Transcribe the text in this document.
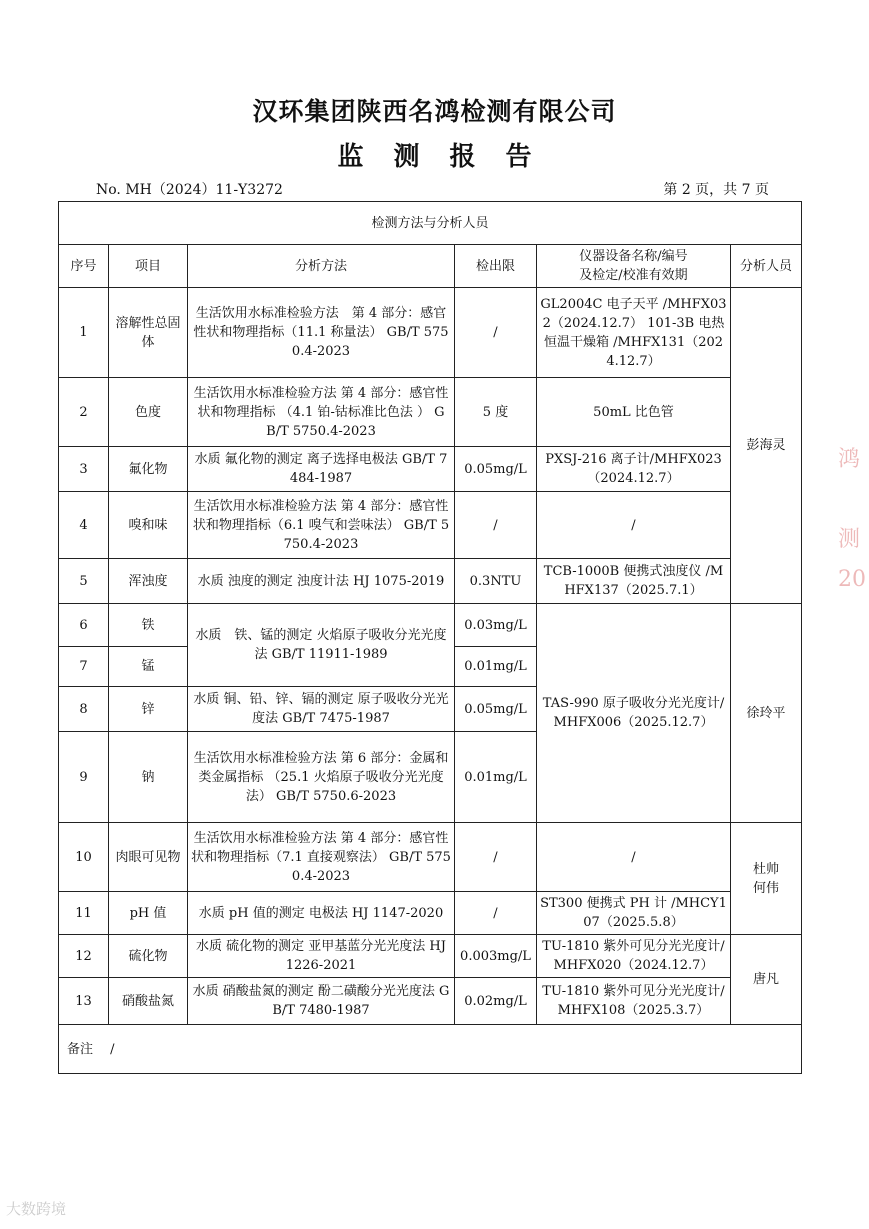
汉环集团陕西名鸿检测有限公司
监测报告
No. MH（2024）11-Y3272	第 2 页，共 7 页
检测方法与分析人员					
序号	项目	分析方法	检出限	仪器设备名称/编号
及检定/校准有效期	分析人员
1	溶解性总固体	生活饮用水标准检验方法　第 4 部分：感官性状和物理指标（11.1 称量法） GB/T 5750.4-2023	/	GL2004C 电子天平 /MHFX032（2024.12.7） 101-3B 电热恒温干燥箱 /MHFX131（2024.12.7）	彭海灵
2	色度	生活饮用水标准检验方法 第 4 部分：感官性状和物理指标 （4.1 铂-钴标准比色法 ） GB/T 5750.4-2023	5 度	50mL 比色管	
3	氟化物	水质 氟化物的测定 离子选择电极法 GB/T 7484-1987	0.05mg/L	PXSJ-216 离子计/MHFX023 （2024.12.7）	
4	嗅和味	生活饮用水标准检验方法 第 4 部分：感官性状和物理指标（6.1 嗅气和尝味法） GB/T 5750.4-2023	/	/	
5	浑浊度	水质 浊度的测定 浊度计法 HJ 1075-2019	0.3NTU	TCB-1000B 便携式浊度仪 /MHFX137（2025.7.1）	
6	铁	水质　铁、锰的测定 火焰原子吸收分光光度法 GB/T 11911-1989	0.03mg/L	TAS-990 原子吸收分光光度计/MHFX006（2025.12.7）	徐玲平
7	锰		0.01mg/L		
8	锌	水质 铜、铅、锌、镉的测定 原子吸收分光光度法 GB/T 7475-1987	0.05mg/L		
9	钠	生活饮用水标准检验方法 第 6 部分：金属和类金属指标 （25.1 火焰原子吸收分光光度法） GB/T 5750.6-2023	0.01mg/L		
10	肉眼可见物	生活饮用水标准检验方法 第 4 部分：感官性状和物理指标（7.1 直接观察法） GB/T 5750.4-2023	/	/	杜帅
何伟
11	pH 值	水质 pH 值的测定 电极法 HJ 1147-2020	/	ST300 便携式 PH 计 /MHCY107（2025.5.8）	
12	硫化物	水质 硫化物的测定 亚甲基蓝分光光度法 HJ 1226-2021	0.003mg/L	TU-1810 紫外可见分光光度计/MHFX020（2024.12.7）	唐凡
13	硝酸盐氮	水质 硝酸盐氮的测定 酚二磺酸分光光度法 GB/T 7480-1987	0.02mg/L	TU-1810 紫外可见分光光度计/MHFX108（2025.3.7）	
备注　 /					
鸿

测
20
大数跨境
